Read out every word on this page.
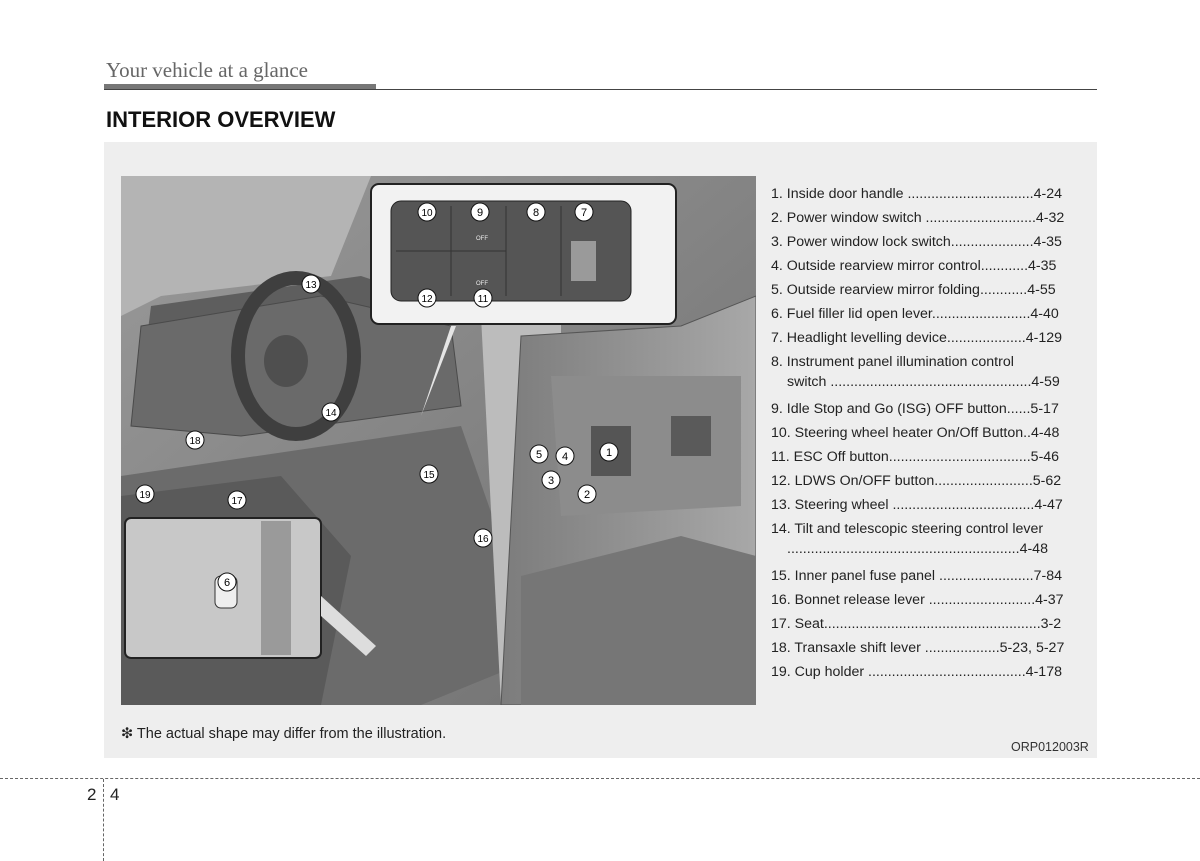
Your vehicle at a glance
INTERIOR OVERVIEW
1
2
3
4
5
6
7
8
9
10
11
12
13
14
15
16
17
18
19
OFF
OFF
1. Inside door handle ................................4-24
2. Power window switch ............................4-32
3. Power window lock switch.....................4-35
4. Outside rearview mirror control............4-35
5. Outside rearview mirror folding............4-55
6. Fuel filler lid open lever.........................4-40
7. Headlight levelling device....................4-129
8. Instrument panel illumination control
switch ...................................................4-59
9. Idle Stop and Go (ISG) OFF button......5-17
10. Steering wheel heater On/Off Button..4-48
11. ESC Off button....................................5-46
12. LDWS On/OFF button.........................5-62
13. Steering wheel ....................................4-47
14. Tilt and telescopic steering control lever
...........................................................4-48
15. Inner panel fuse panel ........................7-84
16. Bonnet release lever ...........................4-37
17. Seat.......................................................3-2
18. Transaxle shift lever ...................5-23, 5-27
19. Cup holder ........................................4-178
❇ The actual shape may differ from the illustration.
ORP012003R
2 4
